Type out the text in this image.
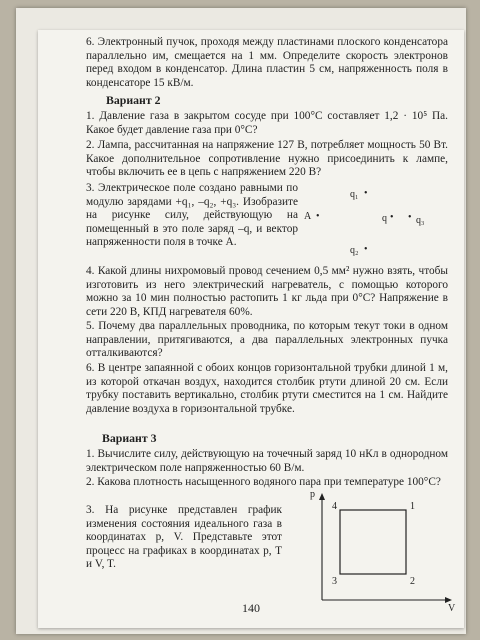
6. Электронный пучок, проходя между пластинами плоского конденсатора параллельно им, смещается на 1 мм. Определите скорость электронов перед входом в конденсатор. Длина пластин 5 см, напряженность поля в конденсаторе 15 кВ/м.
Вариант 2
1. Давление газа в закрытом сосуде при 100°С составляет 1,2 · 10⁵ Па. Какое будет давление газа при 0°С?
2. Лампа, рассчитанная на напряжение 127 В, потребляет мощность 50 Вт. Какое дополнительное сопротивление нужно присоединить к лампе, чтобы включить ее в цепь с напряжением 220 В?
3. Электрическое поле создано равными по модулю зарядами +q₁, –q₂, +q₃. Изобразите на рисунке силу, действующую на помещенный в это поле заряд –q, и вектор напряженности поля в точке А.
q₁ •
A •	q • • q₃
q₂ •
4. Какой длины нихромовый провод сечением 0,5 мм² нужно взять, чтобы изготовить из него электрический нагреватель, с помощью которого можно за 10 мин полностью растопить 1 кг льда при 0°С? Напряжение в сети 220 В, КПД нагревателя 60%.
5. Почему два параллельных проводника, по которым текут токи в одном направлении, притягиваются, а два параллельных электронных пучка отталкиваются?
6. В центре запаянной с обоих концов горизонтальной трубки длиной 1 м, из которой откачан воздух, находится столбик ртути длиной 20 см. Если трубку поставить вертикально, столбик ртути сместится на 1 см. Найдите давление воздуха в горизонтальной трубке.
Вариант 3
1. Вычислите силу, действующую на точечный заряд 10 нКл в однородном электрическом поле напряженностью 60 В/м.
2. Какова плотность насыщенного водяного пара при температуре 100°С?
3. На рисунке представлен график изменения состояния идеального газа в координатах р, V. Представьте этот процесс на графиках в координатах р, Т и V, T.
p
V
1
2
3
4
140
